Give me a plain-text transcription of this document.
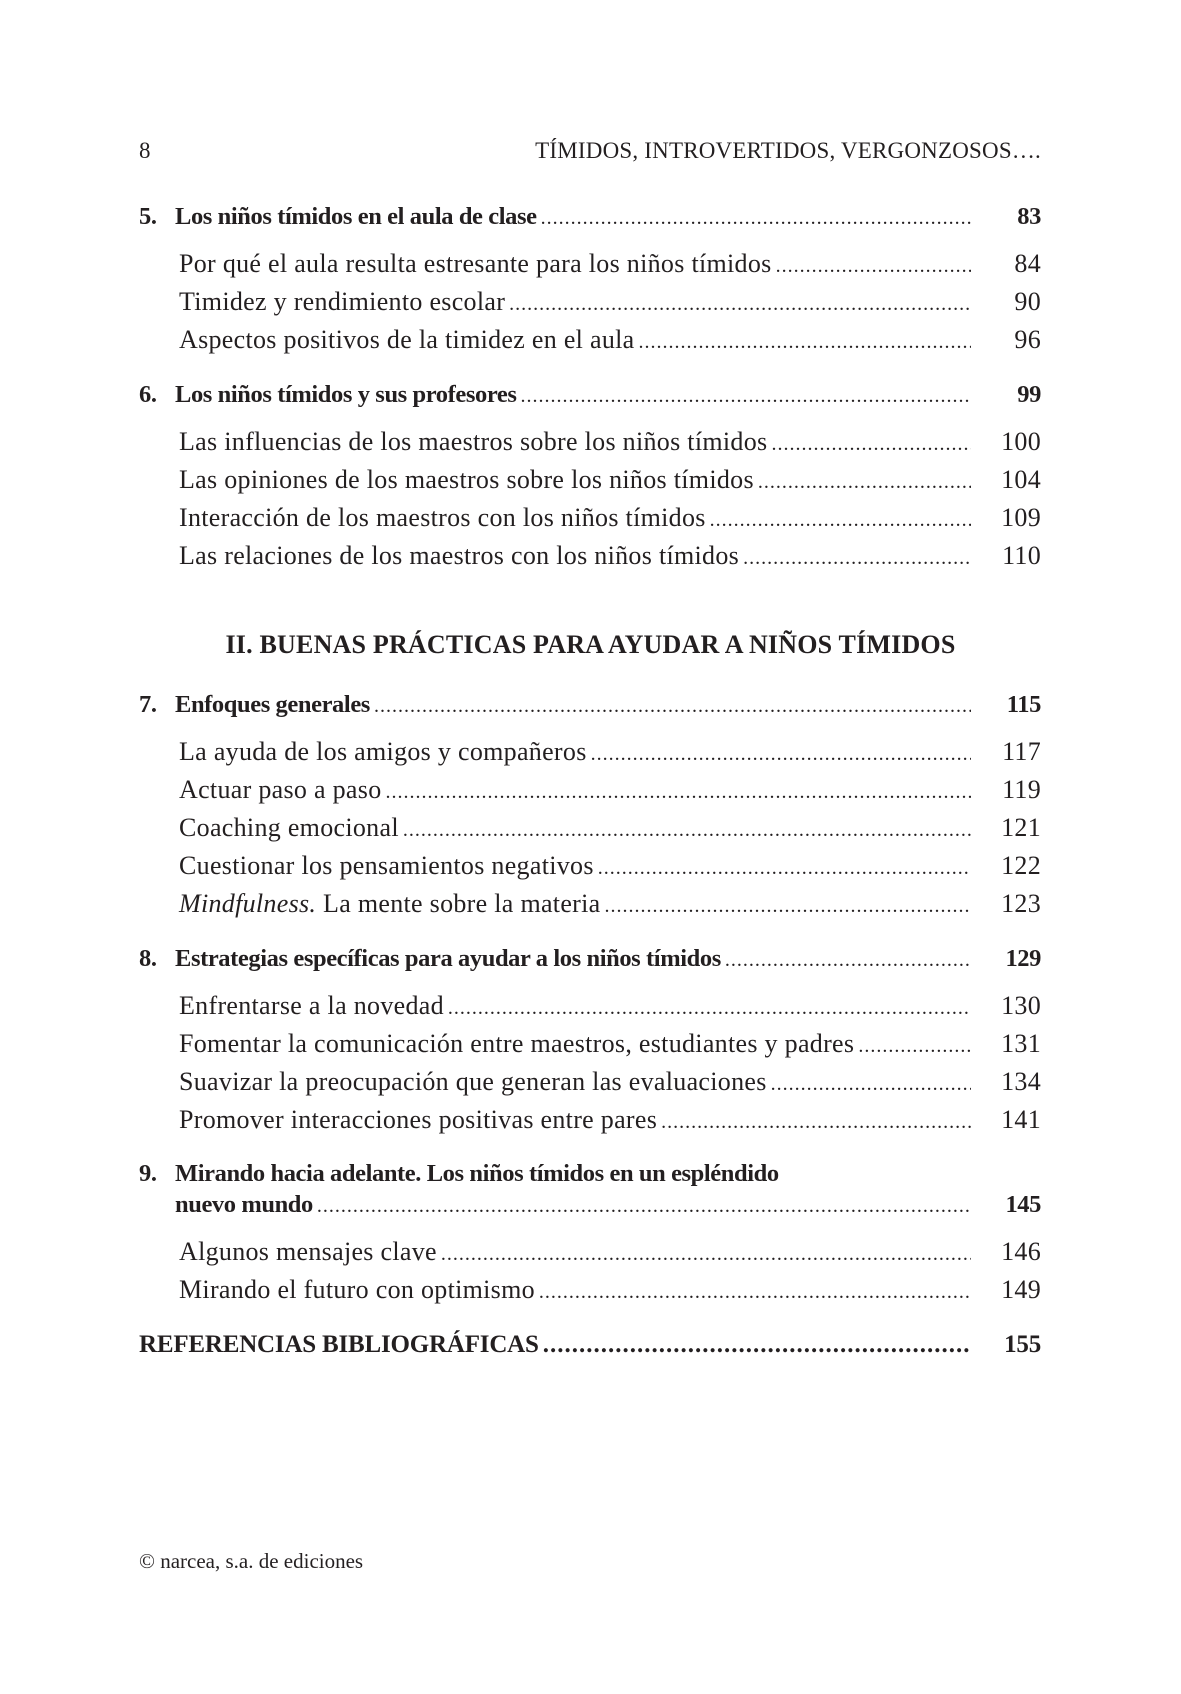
8	TÍMIDOS, INTROVERTIDOS, VERGONZOSOS….
5. Los niños tímidos en el aula de clase .....	83
Por qué el aula resulta estresante para los niños tímidos .....	84
Timidez y rendimiento escolar .....	90
Aspectos positivos de la timidez en el aula .....	96
6. Los niños tímidos y sus profesores .....	99
Las influencias de los maestros sobre los niños tímidos .....	100
Las opiniones de los maestros sobre los niños tímidos .....	104
Interacción de los maestros con los niños tímidos .....	109
Las relaciones de los maestros con los niños tímidos .....	110
II. BUENAS PRÁCTICAS PARA AYUDAR A NIÑOS TÍMIDOS
7. Enfoques generales .....	115
La ayuda de los amigos y compañeros .....	117
Actuar paso a paso .....	119
Coaching emocional .....	121
Cuestionar los pensamientos negativos .....	122
Mindfulness. La mente sobre la materia .....	123
8. Estrategias específicas para ayudar a los niños tímidos .....	129
Enfrentarse a la novedad .....	130
Fomentar la comunicación entre maestros, estudiantes y padres .....	131
Suavizar la preocupación que generan las evaluaciones .....	134
Promover interacciones positivas entre pares .....	141
9. Mirando hacia adelante. Los niños tímidos en un espléndido
nuevo mundo .....	145
Algunos mensajes clave .....	146
Mirando el futuro con optimismo .....	149
REFERENCIAS BIBLIOGRÁFICAS .....	155
© narcea, s.a. de ediciones
